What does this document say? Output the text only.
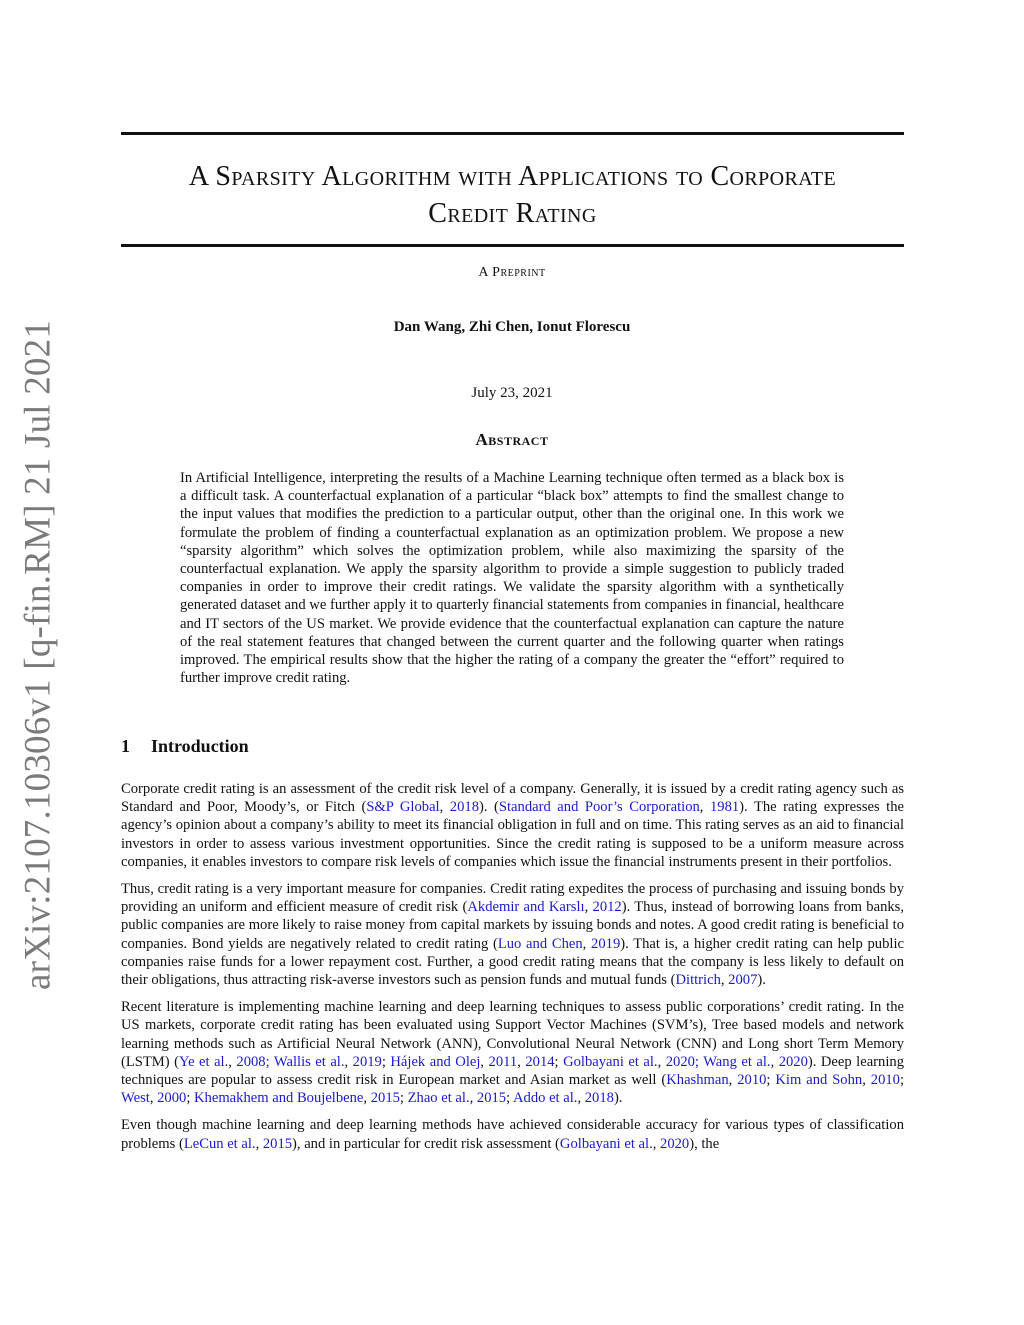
arXiv:2107.10306v1 [q-fin.RM] 21 Jul 2021
A Sparsity Algorithm with Applications to Corporate
Credit Rating
A Preprint
Dan Wang, Zhi Chen, Ionut Florescu
July 23, 2021
Abstract
In Artificial Intelligence, interpreting the results of a Machine Learning technique often termed as a black box is a difficult task. A counterfactual explanation of a particular “black box” attempts to find the smallest change to the input values that modifies the prediction to a particular output, other than the original one. In this work we formulate the problem of finding a counterfactual explanation as an optimization problem. We propose a new “sparsity algorithm” which solves the optimization problem, while also maximizing the sparsity of the counterfactual explanation. We apply the sparsity algorithm to provide a simple suggestion to publicly traded companies in order to improve their credit ratings. We validate the sparsity algorithm with a synthetically generated dataset and we further apply it to quarterly financial statements from companies in financial, healthcare and IT sectors of the US market. We provide evidence that the counterfactual explanation can capture the nature of the real statement features that changed between the current quarter and the following quarter when ratings improved. The empirical results show that the higher the rating of a company the greater the “effort” required to further improve credit rating.
1 Introduction

Corporate credit rating is an assessment of the credit risk level of a company. Generally, it is issued by a credit rating agency such as Standard and Poor, Moody’s, or Fitch (S&P Global, 2018). (Standard and Poor’s Corporation, 1981). The rating expresses the agency’s opinion about a company’s ability to meet its financial obligation in full and on time. This rating serves as an aid to financial investors in order to assess various investment opportunities. Since the credit rating is supposed to be a uniform measure across companies, it enables investors to compare risk levels of companies which issue the financial instruments present in their portfolios.

Thus, credit rating is a very important measure for companies. Credit rating expedites the process of purchasing and issuing bonds by providing an uniform and efficient measure of credit risk (Akdemir and Karslı, 2012). Thus, instead of borrowing loans from banks, public companies are more likely to raise money from capital markets by issuing bonds and notes. A good credit rating is beneficial to companies. Bond yields are negatively related to credit rating (Luo and Chen, 2019). That is, a higher credit rating can help public companies raise funds for a lower repayment cost. Further, a good credit rating means that the company is less likely to default on their obligations, thus attracting risk-averse investors such as pension funds and mutual funds (Dittrich, 2007).

Recent literature is implementing machine learning and deep learning techniques to assess public corporations’ credit rating. In the US markets, corporate credit rating has been evaluated using Support Vector Machines (SVM’s), Tree based models and network learning methods such as Artificial Neural Network (ANN), Convolutional Neural Network (CNN) and Long short Term Memory (LSTM) (Ye et al., 2008; Wallis et al., 2019; Hájek and Olej, 2011, 2014; Golbayani et al., 2020; Wang et al., 2020). Deep learning techniques are popular to assess credit risk in European market and Asian market as well (Khashman, 2010; Kim and Sohn, 2010; West, 2000; Khemakhem and Boujelbene, 2015; Zhao et al., 2015; Addo et al., 2018).

Even though machine learning and deep learning methods have achieved considerable accuracy for various types of classification problems (LeCun et al., 2015), and in particular for credit risk assessment (Golbayani et al., 2020), the
